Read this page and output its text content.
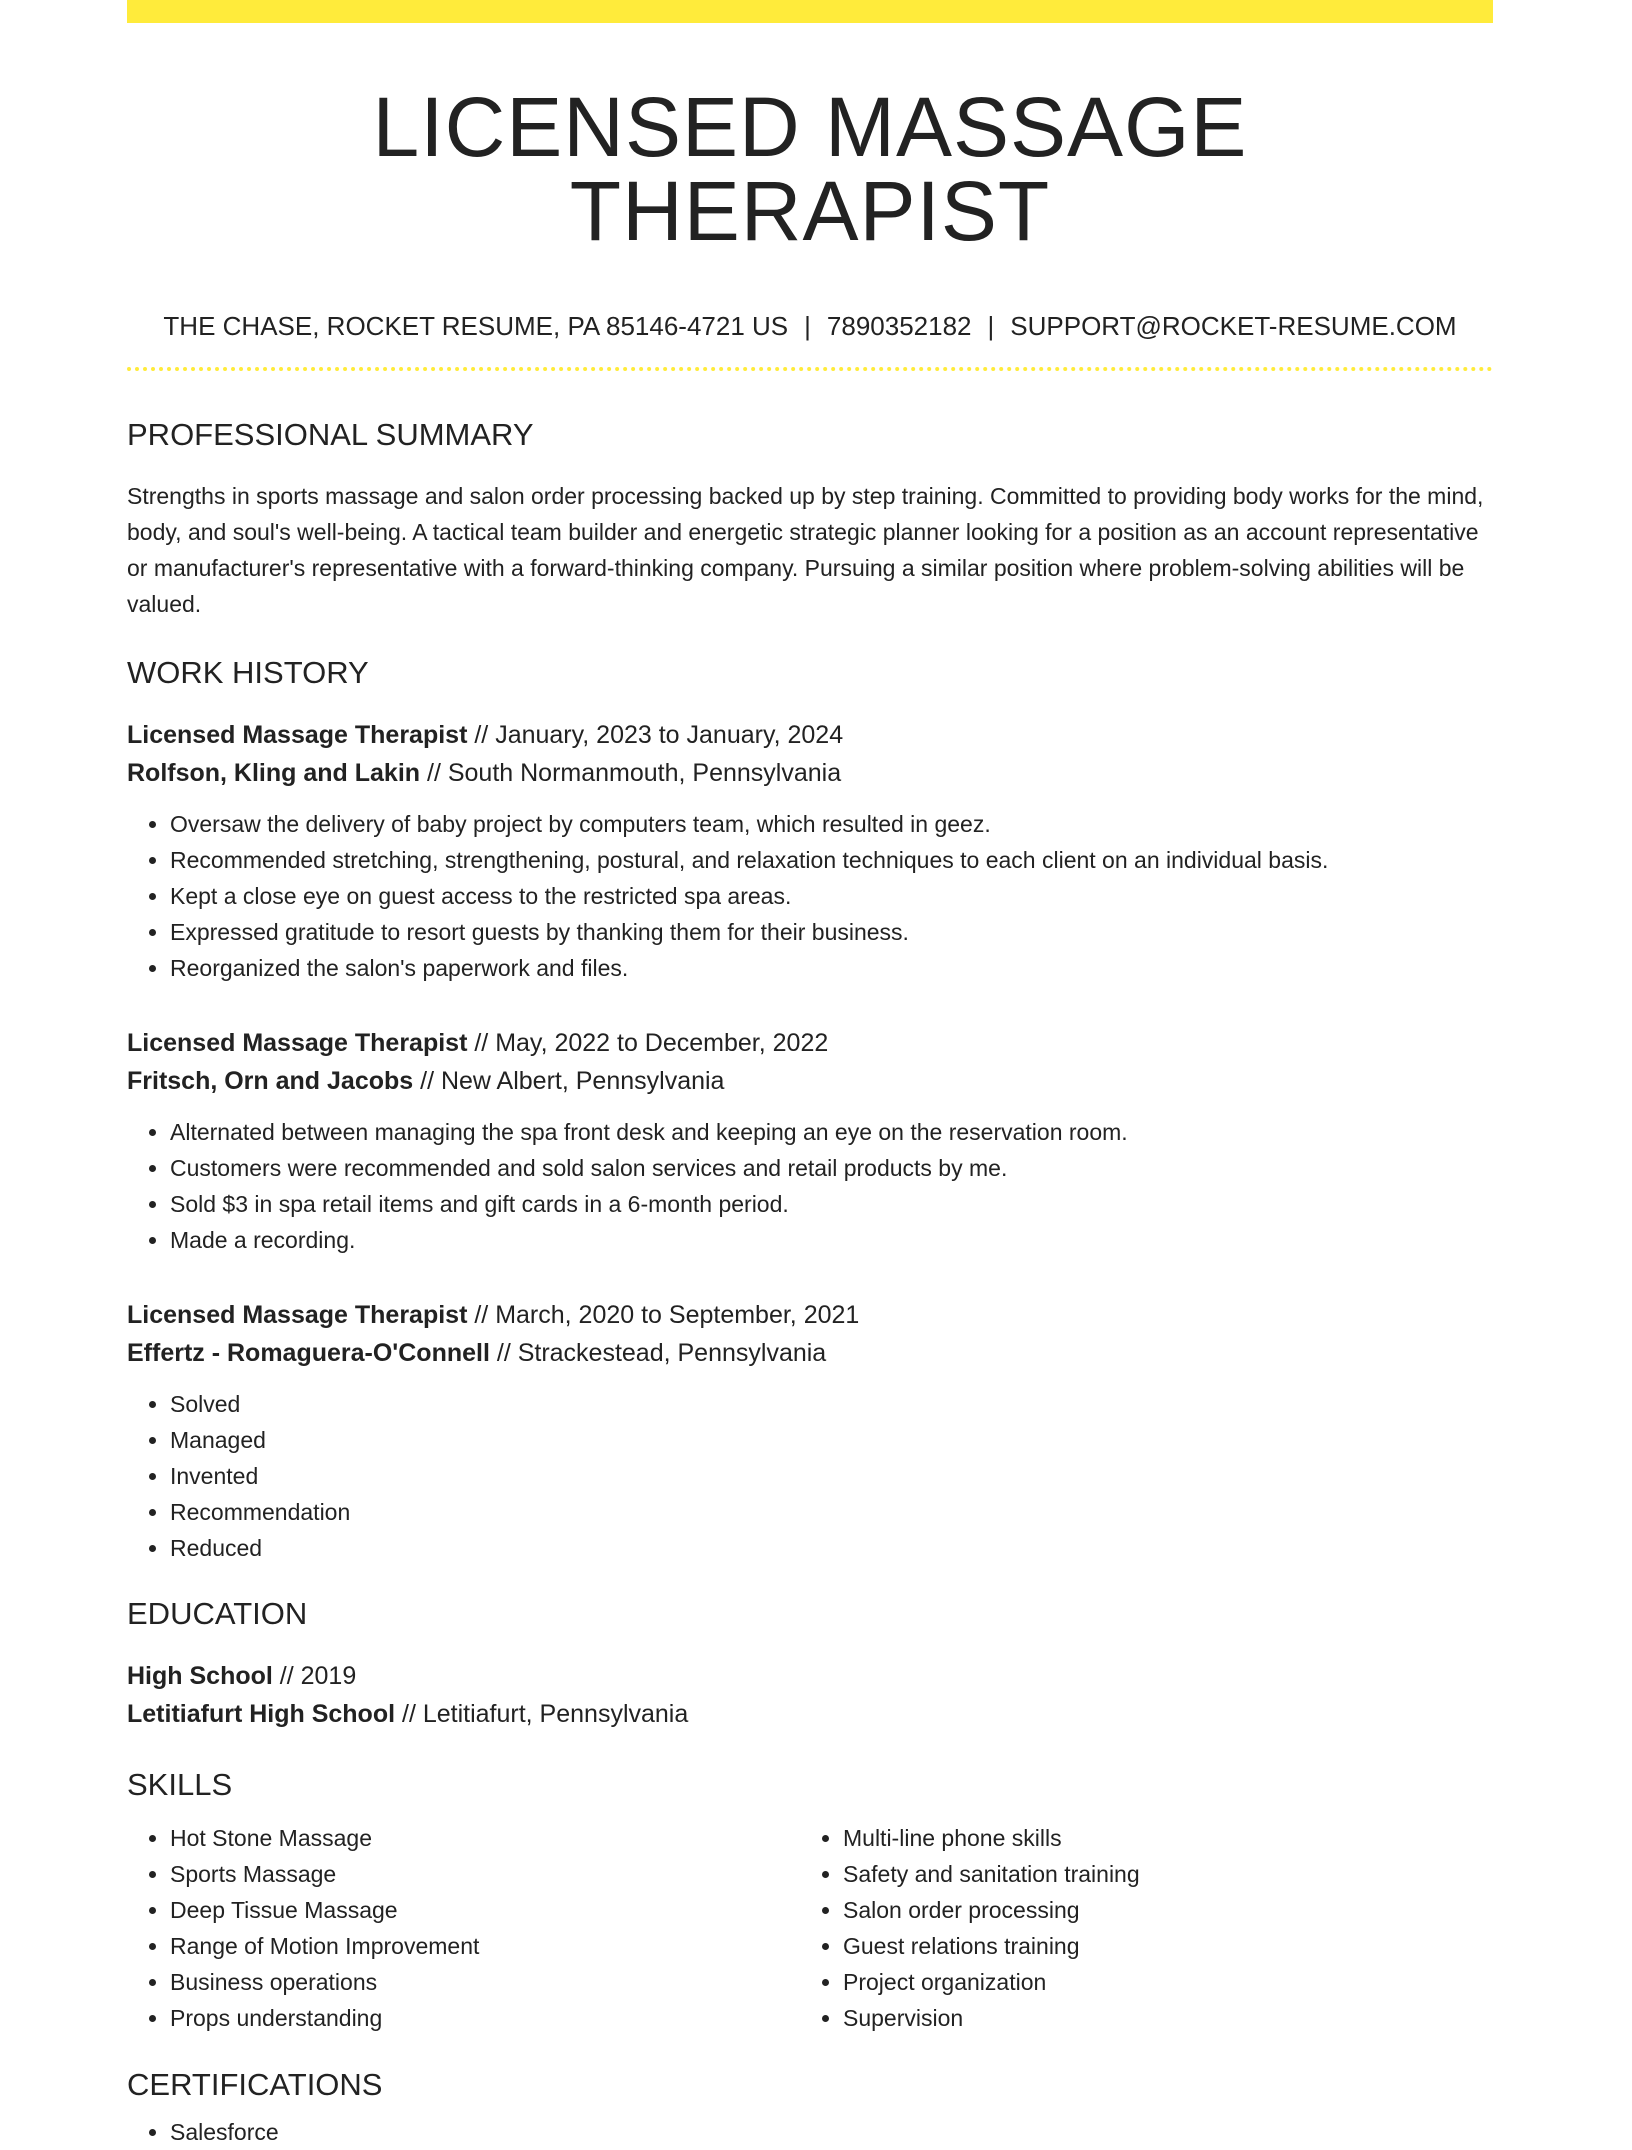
LICENSED MASSAGE THERAPIST
THE CHASE, ROCKET RESUME, PA 85146-4721 US | 7890352182 | SUPPORT@ROCKET-RESUME.COM
PROFESSIONAL SUMMARY

Strengths in sports massage and salon order processing backed up by step training. Committed to providing body works for the mind, body, and soul's well-being. A tactical team builder and energetic strategic planner looking for a position as an account representative or manufacturer's representative with a forward-thinking company. Pursuing a similar position where problem-solving abilities will be valued.

WORK HISTORY
Licensed Massage Therapist // January, 2023 to January, 2024
Rolfson, Kling and Lakin // South Normanmouth, Pennsylvania
• Oversaw the delivery of baby project by computers team, which resulted in geez.
• Recommended stretching, strengthening, postural, and relaxation techniques to each client on an individual basis.
• Kept a close eye on guest access to the restricted spa areas.
• Expressed gratitude to resort guests by thanking them for their business.
• Reorganized the salon's paperwork and files.
Licensed Massage Therapist // May, 2022 to December, 2022
Fritsch, Orn and Jacobs // New Albert, Pennsylvania
• Alternated between managing the spa front desk and keeping an eye on the reservation room.
• Customers were recommended and sold salon services and retail products by me.
• Sold $3 in spa retail items and gift cards in a 6-month period.
• Made a recording.
Licensed Massage Therapist // March, 2020 to September, 2021
Effertz - Romaguera-O'Connell // Strackestead, Pennsylvania
• Solved
• Managed
• Invented
• Recommendation
• Reduced
EDUCATION
High School // 2019
Letitiafurt High School // Letitiafurt, Pennsylvania
SKILLS
• Hot Stone Massage
• Sports Massage
• Deep Tissue Massage
• Range of Motion Improvement
• Business operations
• Props understanding
• Multi-line phone skills
• Safety and sanitation training
• Salon order processing
• Guest relations training
• Project organization
• Supervision
CERTIFICATIONS
• Salesforce
